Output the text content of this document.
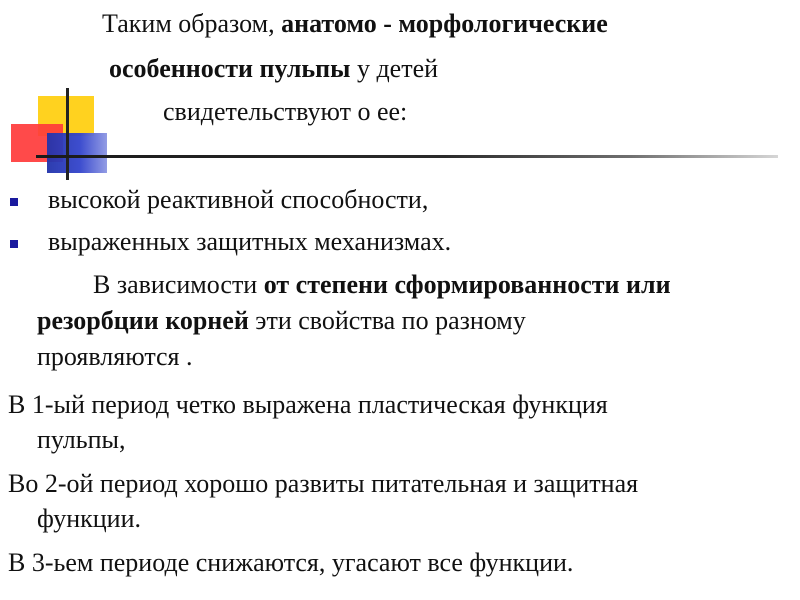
Таким образом, анатомо - морфологические
особенности пульпы у детей
свидетельствуют о ее:
высокой реактивной способности,
выраженных защитных механизмах.
В зависимости от степени сформированности или
резорбции корней эти свойства по разному
проявляются .
В 1-ый период четко выражена пластическая функция
пульпы,
Во 2-ой период хорошо развиты питательная и защитная
функции.
В 3-ьем периоде снижаются, угасают все функции.
